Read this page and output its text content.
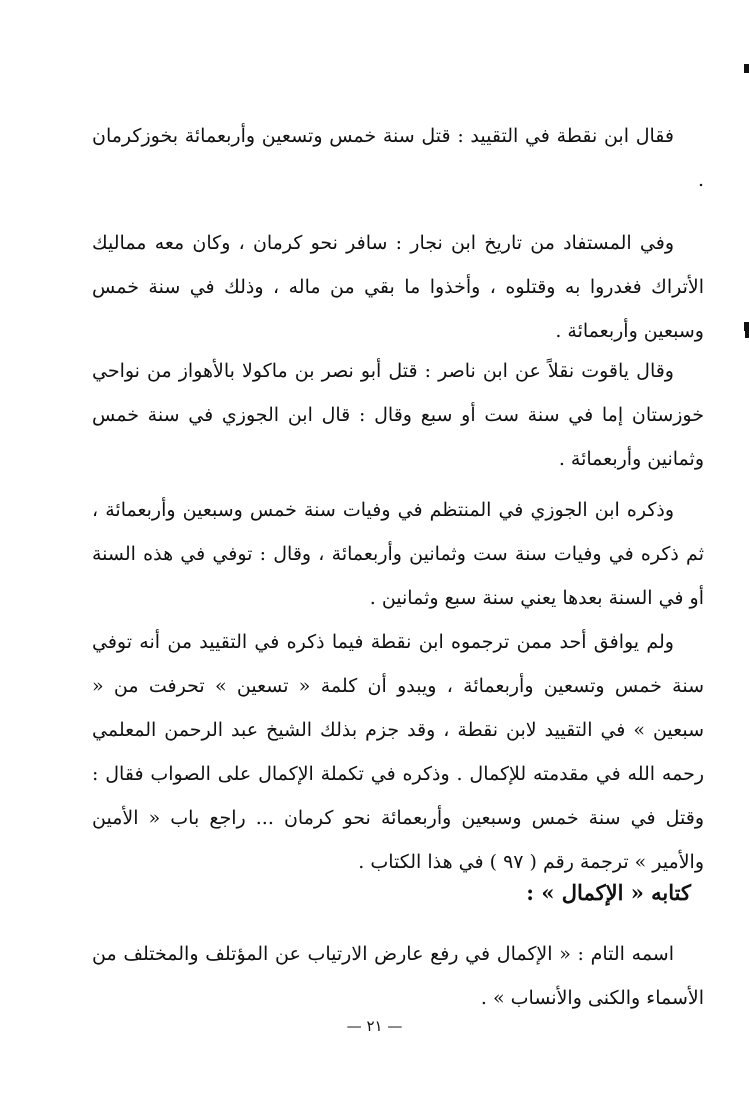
فقال ابن نقطة في التقييد : قتل سنة خمس وتسعين وأربعمائة بخوزكرمان .

وفي المستفاد من تاريخ ابن نجار : سافر نحو كرمان ، وكان معه مماليك الأتراك فغدروا به وقتلوه ، وأخذوا ما بقي من ماله ، وذلك في سنة خمس وسبعين وأربعمائة .

وقال ياقوت نقلاً عن ابن ناصر : قتل أبو نصر بن ماكولا بالأهواز من نواحي خوزستان إما في سنة ست أو سبع وقال : قال ابن الجوزي في سنة خمس وثمانين وأربعمائة .

وذكره ابن الجوزي في المنتظم في وفيات سنة خمس وسبعين وأربعمائة ، ثم ذكره في وفيات سنة ست وثمانين وأربعمائة ، وقال : توفي في هذه السنة أو في السنة بعدها يعني سنة سبع وثمانين .

ولم يوافق أحد ممن ترجموه ابن نقطة فيما ذكره في التقييد من أنه توفي سنة خمس وتسعين وأربعمائة ، ويبدو أن كلمة « تسعين » تحرفت من « سبعين » في التقييد لابن نقطة ، وقد جزم بذلك الشيخ عبد الرحمن المعلمي رحمه الله في مقدمته للإكمال . وذكره في تكملة الإكمال على الصواب فقال : وقتل في سنة خمس وسبعين وأربعمائة نحو كرمان ... راجع باب « الأمين والأمير » ترجمة رقم ( ٩٧ ) في هذا الكتاب .

كتابه « الإكمال » :

اسمه التام : « الإكمال في رفع عارض الارتياب عن المؤتلف والمختلف من الأسماء والكنى والأنساب » .

— ٢١ —
